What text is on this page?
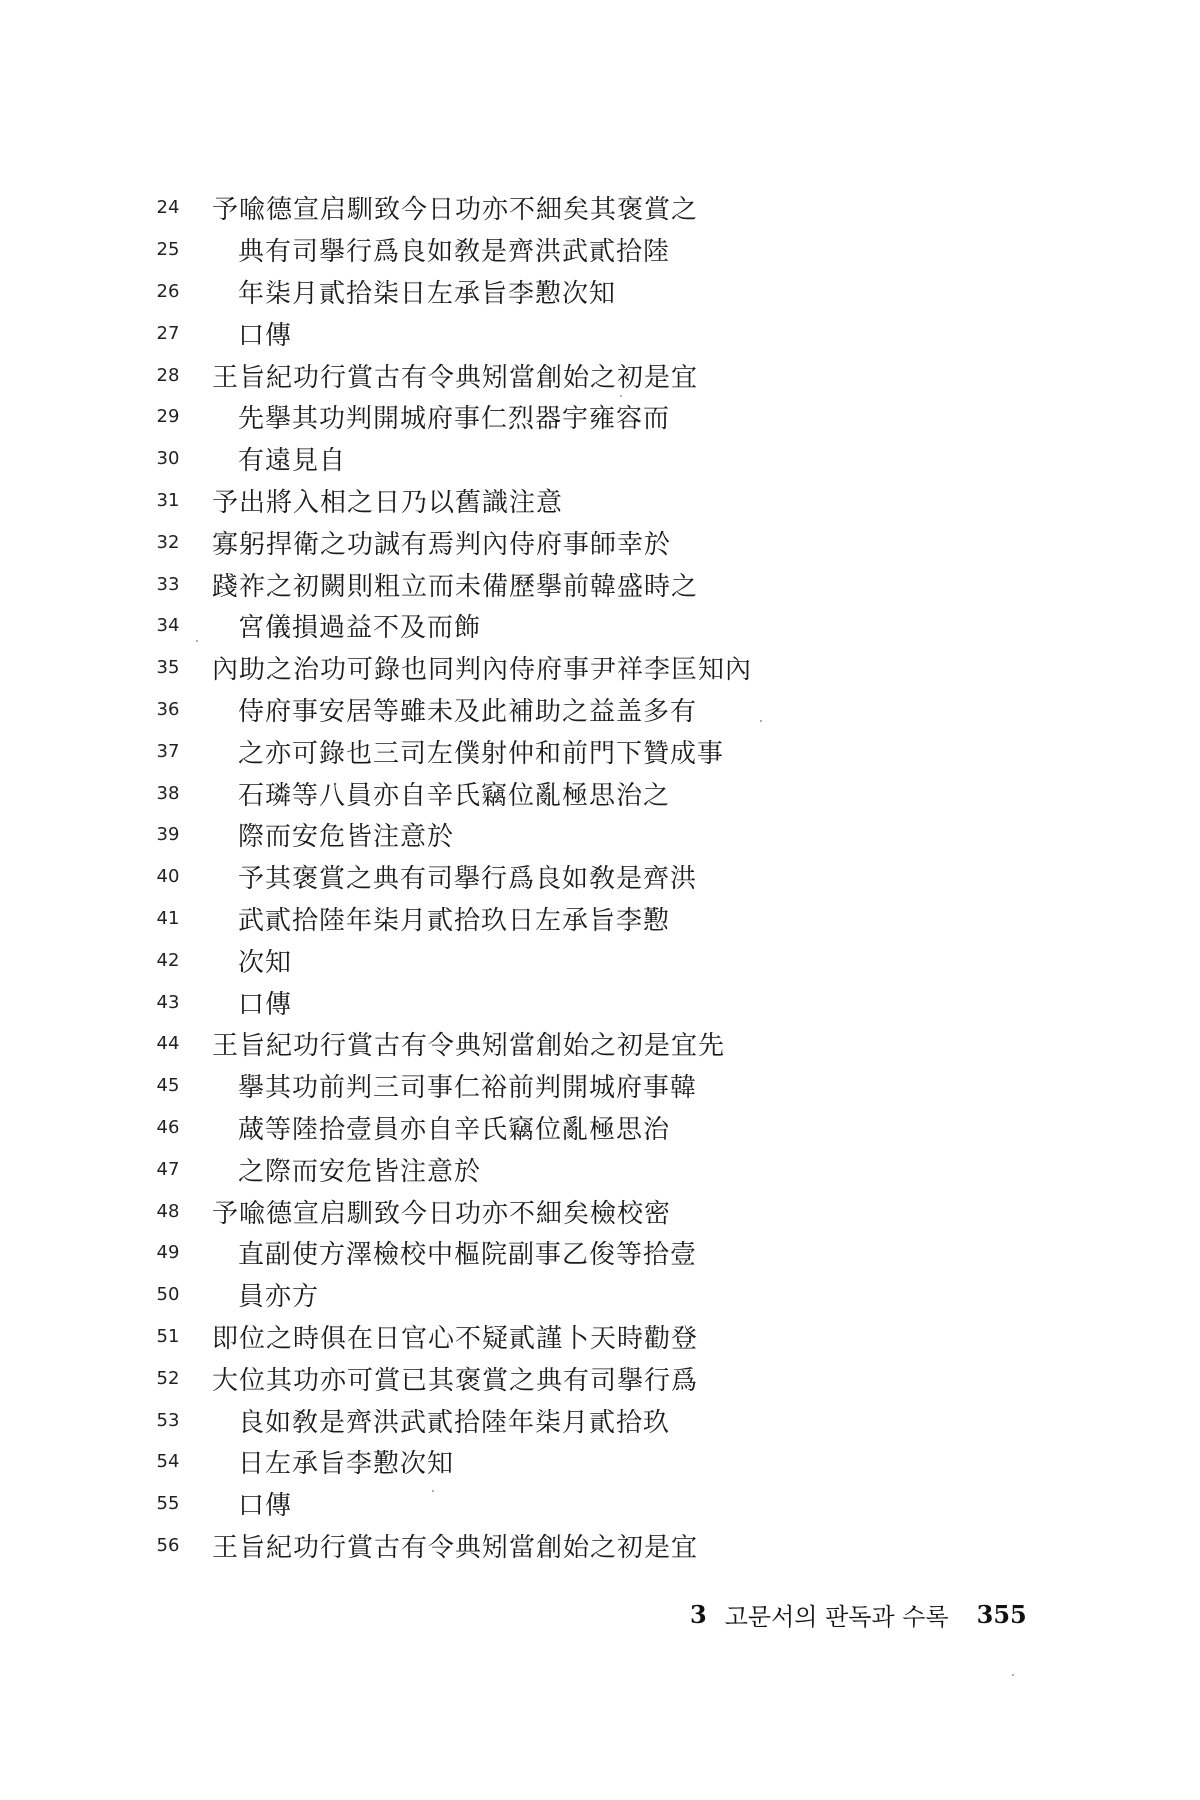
24 予喩德宣启馴致今日功亦不細矣其褒賞之
25 典有司擧行爲良如敎是齊洪武貳拾陸
26 年柒月貳拾柒日左承旨李懃次知
27 口傳
28 王旨紀功行賞古有令典矧當創始之初是宜
29 先擧其功判開城府事仁烈器宇雍容而
30 有遠見自
31 予出將入相之日乃以舊識注意
32 寡躬捍衛之功誠有焉判內侍府事師幸於
33 踐祚之初闕則粗立而未備歷擧前韓盛時之
34 宮儀損過益不及而飾
35 內助之治功可錄也同判內侍府事尹祥李匡知內
36 侍府事安居等雖未及此補助之益盖多有
37 之亦可錄也三司左僕射仲和前門下贊成事
38 石璘等八員亦自辛氏竊位亂極思治之
39 際而安危皆注意於
40 予其褒賞之典有司擧行爲良如敎是齊洪
41 武貳拾陸年柒月貳拾玖日左承旨李懃
42 次知
43 口傳
44 王旨紀功行賞古有令典矧當創始之初是宜先
45 擧其功前判三司事仁裕前判開城府事韓
46 蒧等陸拾壹員亦自辛氏竊位亂極思治
47 之際而安危皆注意於
48 予喩德宣启馴致今日功亦不細矣檢校密
49 直副使方澤檢校中樞院副事乙俊等拾壹
50 員亦方
51 即位之時俱在日官心不疑貳謹卜天時勸登
52 大位其功亦可賞已其褒賞之典有司擧行爲
53 良如敎是齊洪武貳拾陸年柒月貳拾玖
54 日左承旨李懃次知
55 口傳
56 王旨紀功行賞古有令典矧當創始之初是宜
3 고문서의 판독과 수록 355
